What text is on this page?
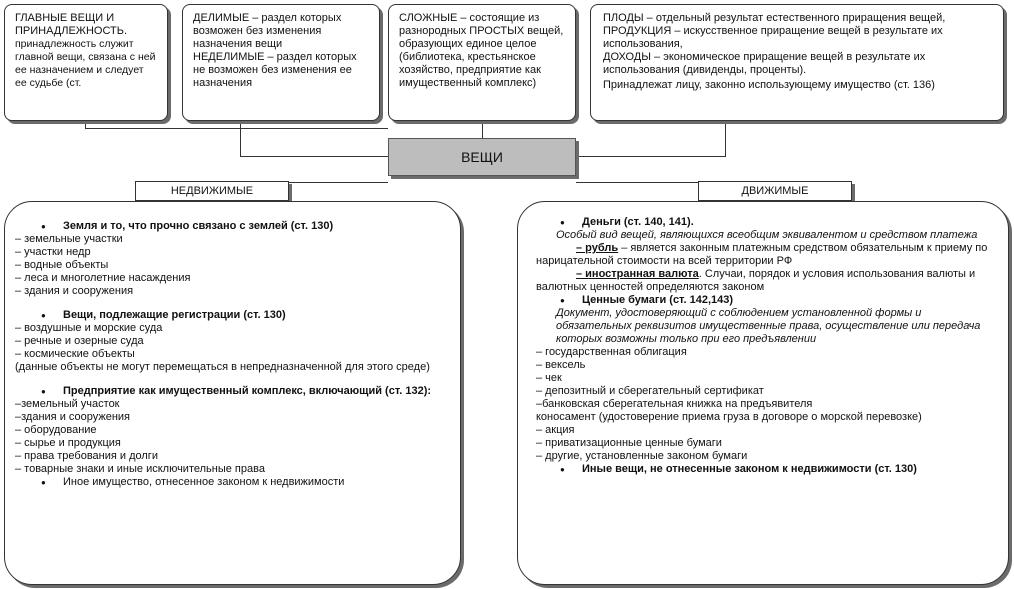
ГЛАВНЫЕ ВЕЩИ И ПРИНАДЛЕЖНОСТЬ.

принадлежность служит главной вещи, связана с ней ее назначением и следует ее судьбе (ст.

ДЕЛИМЫЕ – раздел которых возможен без изменения назначения вещи

НЕДЕЛИМЫЕ – раздел которых не возможен без изменения ее назначения

СЛОЖНЫЕ – состоящие из разнородных ПРОСТЫХ вещей, образующих единое целое (библиотека, крестьянское хозяйство, предприятие как имущественный комплекс)

ПЛОДЫ – отдельный результат естественного приращения вещей,

ПРОДУКЦИЯ – искусственное приращение вещей в результате их использования,

ДОХОДЫ – экономическое приращение вещей в результате их использования (дивиденды, проценты).

Принадлежат лицу, законно использующему имущество (ст. 136)

ВЕЩИ
НЕДВИЖИМЫЕ	ДВИЖИМЫЕ

● Земля и то, что прочно связано с землей (ст. 130)

– земельные участки

– участки недр

– водные объекты

– леса и многолетние насаждения

– здания и сооружения

● Вещи, подлежащие регистрации (ст. 130)

– воздушные и морские суда

– речные и озерные суда

– космические объекты

(данные объекты не могут перемещаться в непредназначенной для этого среде)

● Предприятие как имущественный комплекс, включающий (ст. 132):

–земельный участок

–здания и сооружения

– оборудование

– сырье и продукция

– права требования и долги

– товарные знаки и иные исключительные права

● Иное имущество, отнесенное законом к недвижимости

● Деньги (ст. 140, 141).

Особый вид вещей, являющихся всеобщим эквивалентом и средством платежа

– рубль – является законным платежным средством обязательным к приему по нарицательной стоимости на всей территории РФ

– иностранная валюта. Случаи, порядок и условия использования валюты и валютных ценностей определяются законом

● Ценные бумаги (ст. 142,143)

Документ, удостоверяющий с соблюдением установленной формы и обязательных реквизитов имущественные права, осуществление или передача которых возможны только при его предъявлении

– государственная облигация

– вексель

– чек

– депозитный и сберегательный сертификат

–банковская сберегательная книжка на предъявителя

коносамент (удостоверение приема груза в договоре о морской перевозке)

– акция

– приватизационные ценные бумаги

– другие, установленные законом бумаги

● Иные вещи, не отнесенные законом к недвижимости (ст. 130)
